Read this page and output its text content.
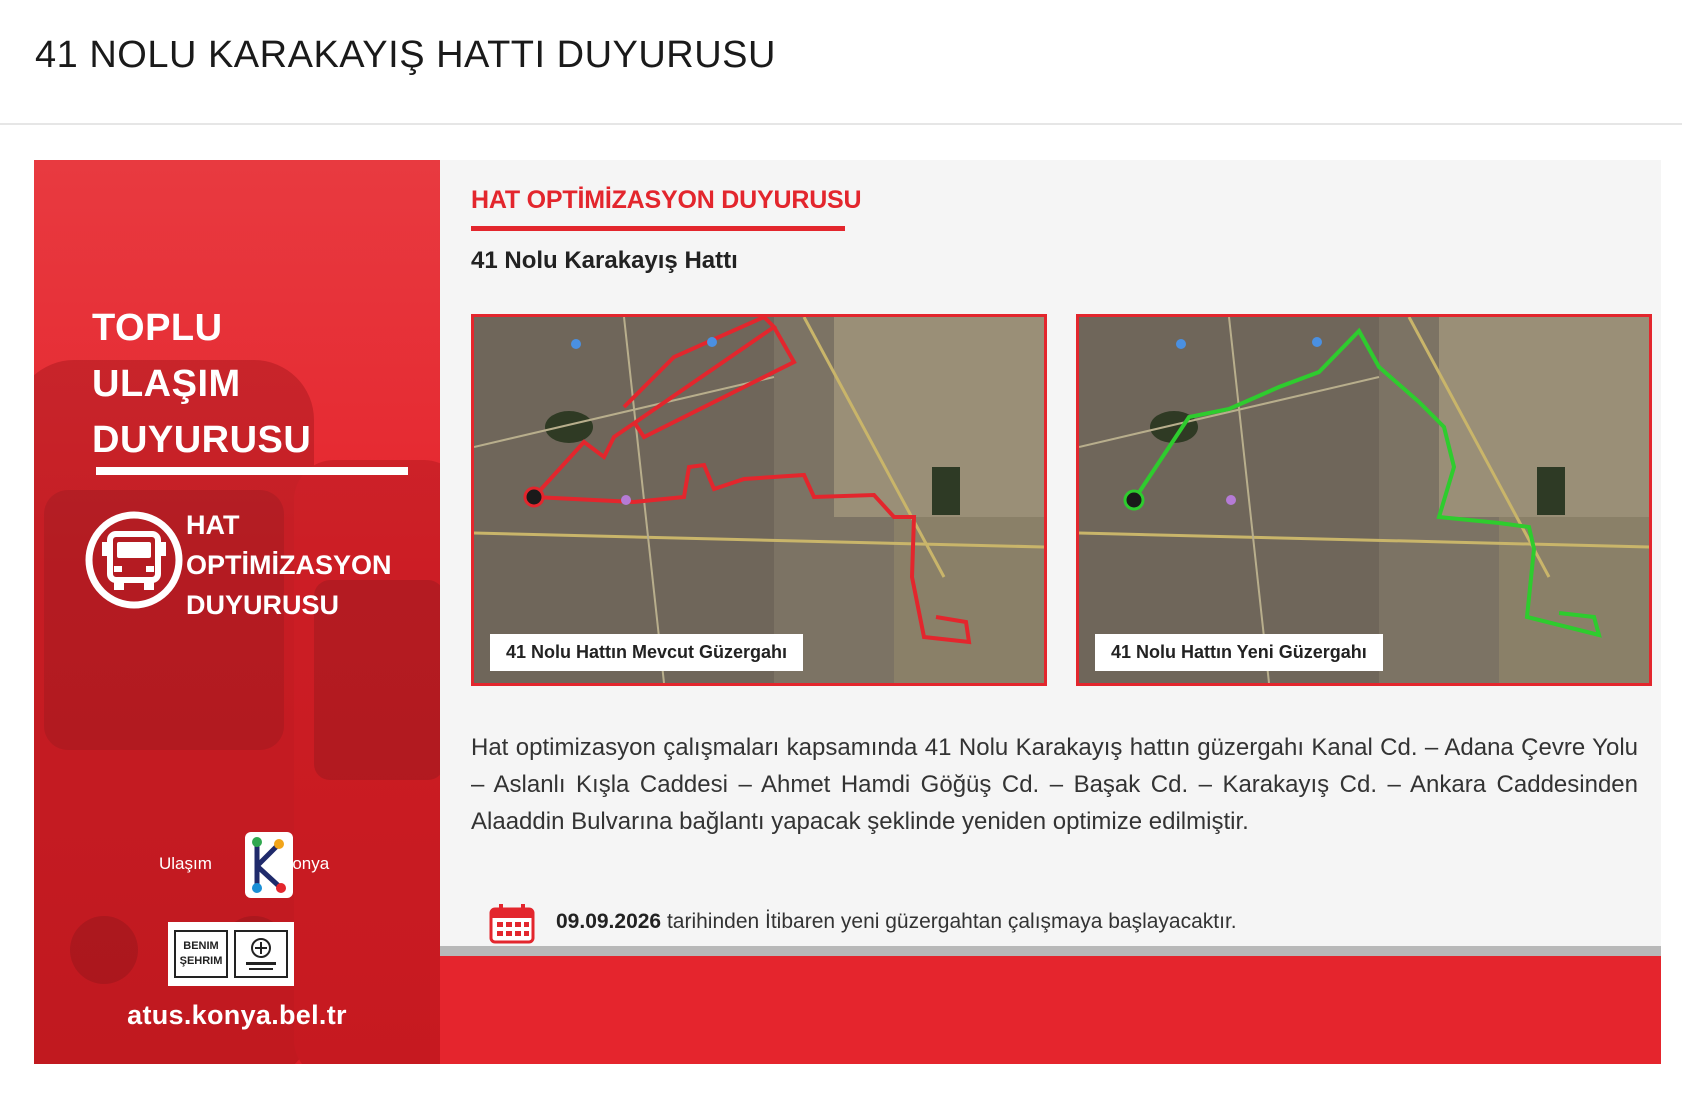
41 NOLU KARAKAYIŞ HATTI DUYURUSU
TOPLU
ULAŞIM
DUYURUSU
HAT
OPTİMİZASYON
DUYURUSU
Ulaşım	Konya
BENIM
ŞEHRIM
atus.konya.bel.tr
HAT OPTİMİZASYON DUYURUSU
41 Nolu Karakayış Hattı
41 Nolu Hattın Mevcut Güzergahı	41 Nolu Hattın Yeni Güzergahı
Hat optimizasyon çalışmaları kapsamında 41 Nolu Karakayış hattın güzergahı Kanal Cd. – Adana Çevre Yolu – Aslanlı Kışla Caddesi – Ahmet Hamdi Göğüş Cd. – Başak Cd. – Karakayış Cd. – Ankara Caddesinden Alaaddin Bulvarına bağlantı yapacak şeklinde yeniden optimize edilmiştir.
09.09.2026 tarihinden İtibaren yeni güzergahtan çalışmaya başlayacaktır.
